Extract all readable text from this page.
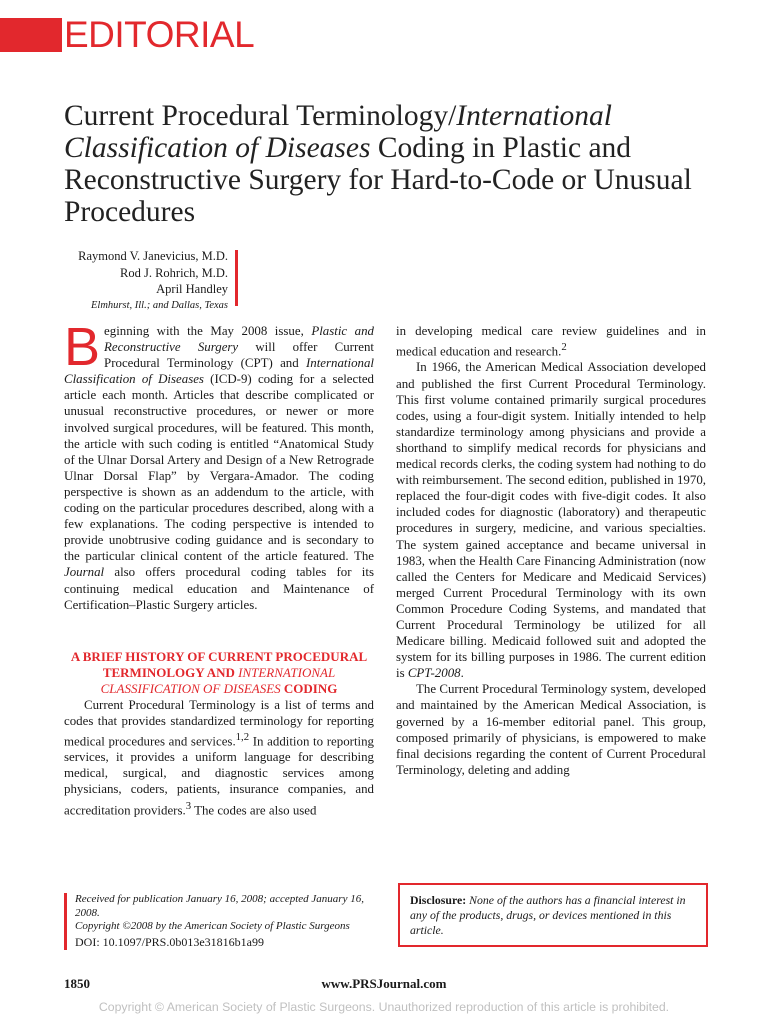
EDITORIAL
Current Procedural Terminology/International Classification of Diseases Coding in Plastic and Reconstructive Surgery for Hard-to-Code or Unusual Procedures
Raymond V. Janevicius, M.D.
Rod J. Rohrich, M.D.
April Handley
Elmhurst, Ill.; and Dallas, Texas

Beginning with the May 2008 issue, Plastic and Reconstructive Surgery will offer Current Procedural Terminology (CPT) and International Classification of Diseases (ICD-9) coding for a selected article each month. Articles that describe complicated or unusual reconstructive procedures, or newer or more involved surgical procedures, will be featured. This month, the article with such coding is entitled “Anatomical Study of the Ulnar Dorsal Artery and Design of a New Retrograde Ulnar Dorsal Flap” by Vergara-Amador. The coding perspective is shown as an addendum to the article, with coding on the particular procedures described, along with a few explanations. The coding perspective is intended to provide unobtrusive coding guidance and is secondary to the particular clinical content of the article featured. The Journal also offers procedural coding tables for its continuing medical education and Maintenance of Certification–Plastic Surgery articles.

A BRIEF HISTORY OF CURRENT PROCEDURAL TERMINOLOGY AND INTERNATIONAL CLASSIFICATION OF DISEASES CODING

Current Procedural Terminology is a list of terms and codes that provides standardized terminology for reporting medical procedures and services.$^{1,2}$ In addition to reporting services, it provides a uniform language for describing medical, surgical, and diagnostic services among physicians, coders, patients, insurance companies, and accreditation providers.$^3$ The codes are also used

in developing medical care review guidelines and in medical education and research.$^2$

In 1966, the American Medical Association developed and published the first Current Procedural Terminology. This first volume contained primarily surgical procedures codes, using a four-digit system. Initially intended to help standardize terminology among physicians and provide a shorthand to simplify medical records for physicians and medical records clerks, the coding system had nothing to do with reimbursement. The second edition, published in 1970, replaced the four-digit codes with five-digit codes. It also included codes for diagnostic (laboratory) and therapeutic procedures in surgery, medicine, and various specialties. The system gained acceptance and became universal in 1983, when the Health Care Financing Administration (now called the Centers for Medicare and Medicaid Services) merged Current Procedural Terminology with its own Common Procedure Coding Systems, and mandated that Current Procedural Terminology be utilized for all Medicare billing. Medicaid followed suit and adopted the system for its billing purposes in 1986. The current edition is CPT-2008.

The Current Procedural Terminology system, developed and maintained by the American Medical Association, is governed by a 16-member editorial panel. This group, composed primarily of physicians, is empowered to make final decisions regarding the content of Current Procedural Terminology, deleting and adding

Received for publication January 16, 2008; accepted January 16, 2008.
Copyright ©2008 by the American Society of Plastic Surgeons
DOI: 10.1097/PRS.0b013e31816b1a99
Disclosure: None of the authors has a financial interest in any of the products, drugs, or devices mentioned in this article.
www.PRSJournal.com
1850
Copyright © American Society of Plastic Surgeons. Unauthorized reproduction of this article is prohibited.
